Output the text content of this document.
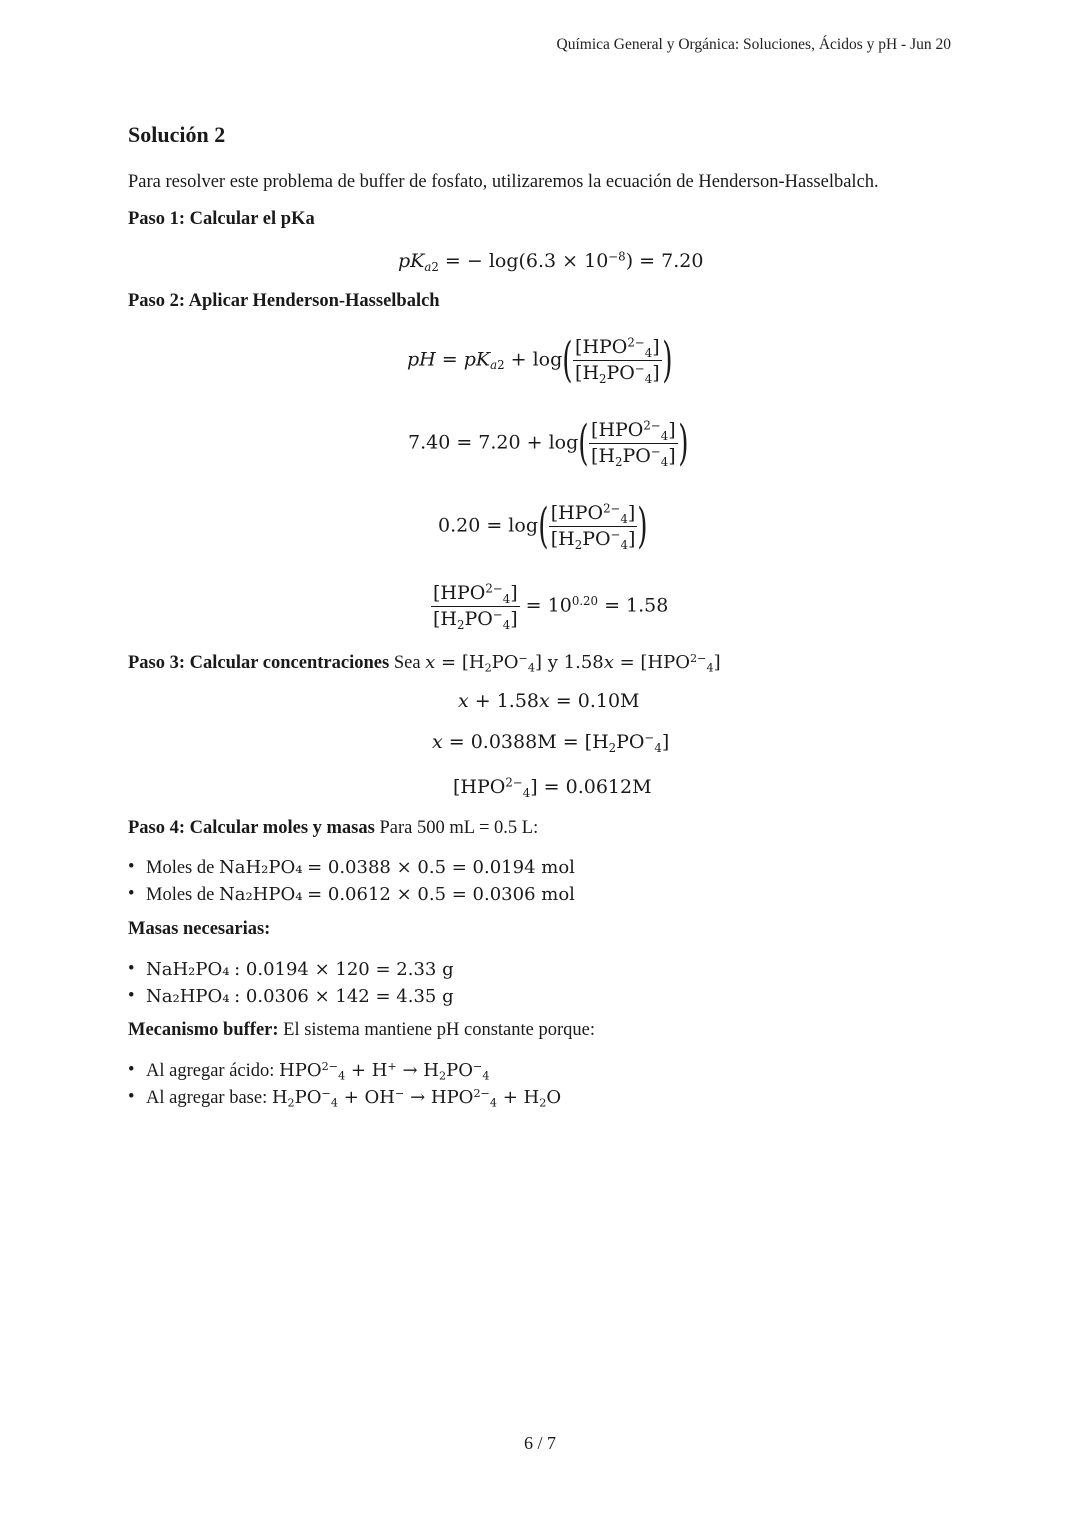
Química General y Orgánica: Soluciones, Ácidos y pH - Jun 20
Solución 2
Para resolver este problema de buffer de fosfato, utilizaremos la ecuación de Henderson-Hasselbalch.
Paso 1: Calcular el pKa
$pK_{a2}$ = − $\log(6.3 \times 10^{-8}) = 7.20$
Paso 2: Aplicar Henderson-Hasselbalch
pH = $pK_{a2} + \log( \frac{[HPO^{2-}_4]}{[H_2PO^-_4]}$ )
$7.40 = 7.20 + \log( \frac{[HPO^{2-}_4]}{[H_2PO^-_4]}$ )
$0.20 = \log( \frac{[HPO^{2-}_4]}{[H_2PO^-_4]}$ )
$\frac{[HPO^{2-}_4]}{[H_2PO^-_4]} = 10^{0.20} = 1.58$
Paso 3: Calcular concentraciones Sea $x = [H_2PO^-_4]$ y $1.58x = [HPO^{2-}_4]$
x + 1.58x = 0.10M
$x = 0.0388M = [H_2PO^-_4]$
$[HPO^{2-}_4] = 0.0612M$
Paso 4: Calcular moles y masas Para 500 mL = 0.5 L:
• Moles de NaH₂PO₄ = 0.0388 × 0.5 = 0.0194 mol
• Moles de Na₂HPO₄ = 0.0612 × 0.5 = 0.0306 mol
Masas necesarias:
• NaH₂PO₄ : 0.0194 × 120 = 2.33 g
• Na₂HPO₄ : 0.0306 × 142 = 4.35 g
Mecanismo buffer: El sistema mantiene pH constante porque:
• Al agregar ácido: $HPO^{2-}_4 + H^+ \to H_2PO^-_4$
• Al agregar base: $H_2PO^-_4 + OH^- \to HPO^{2-}_4 + H_2O$
6 / 7
